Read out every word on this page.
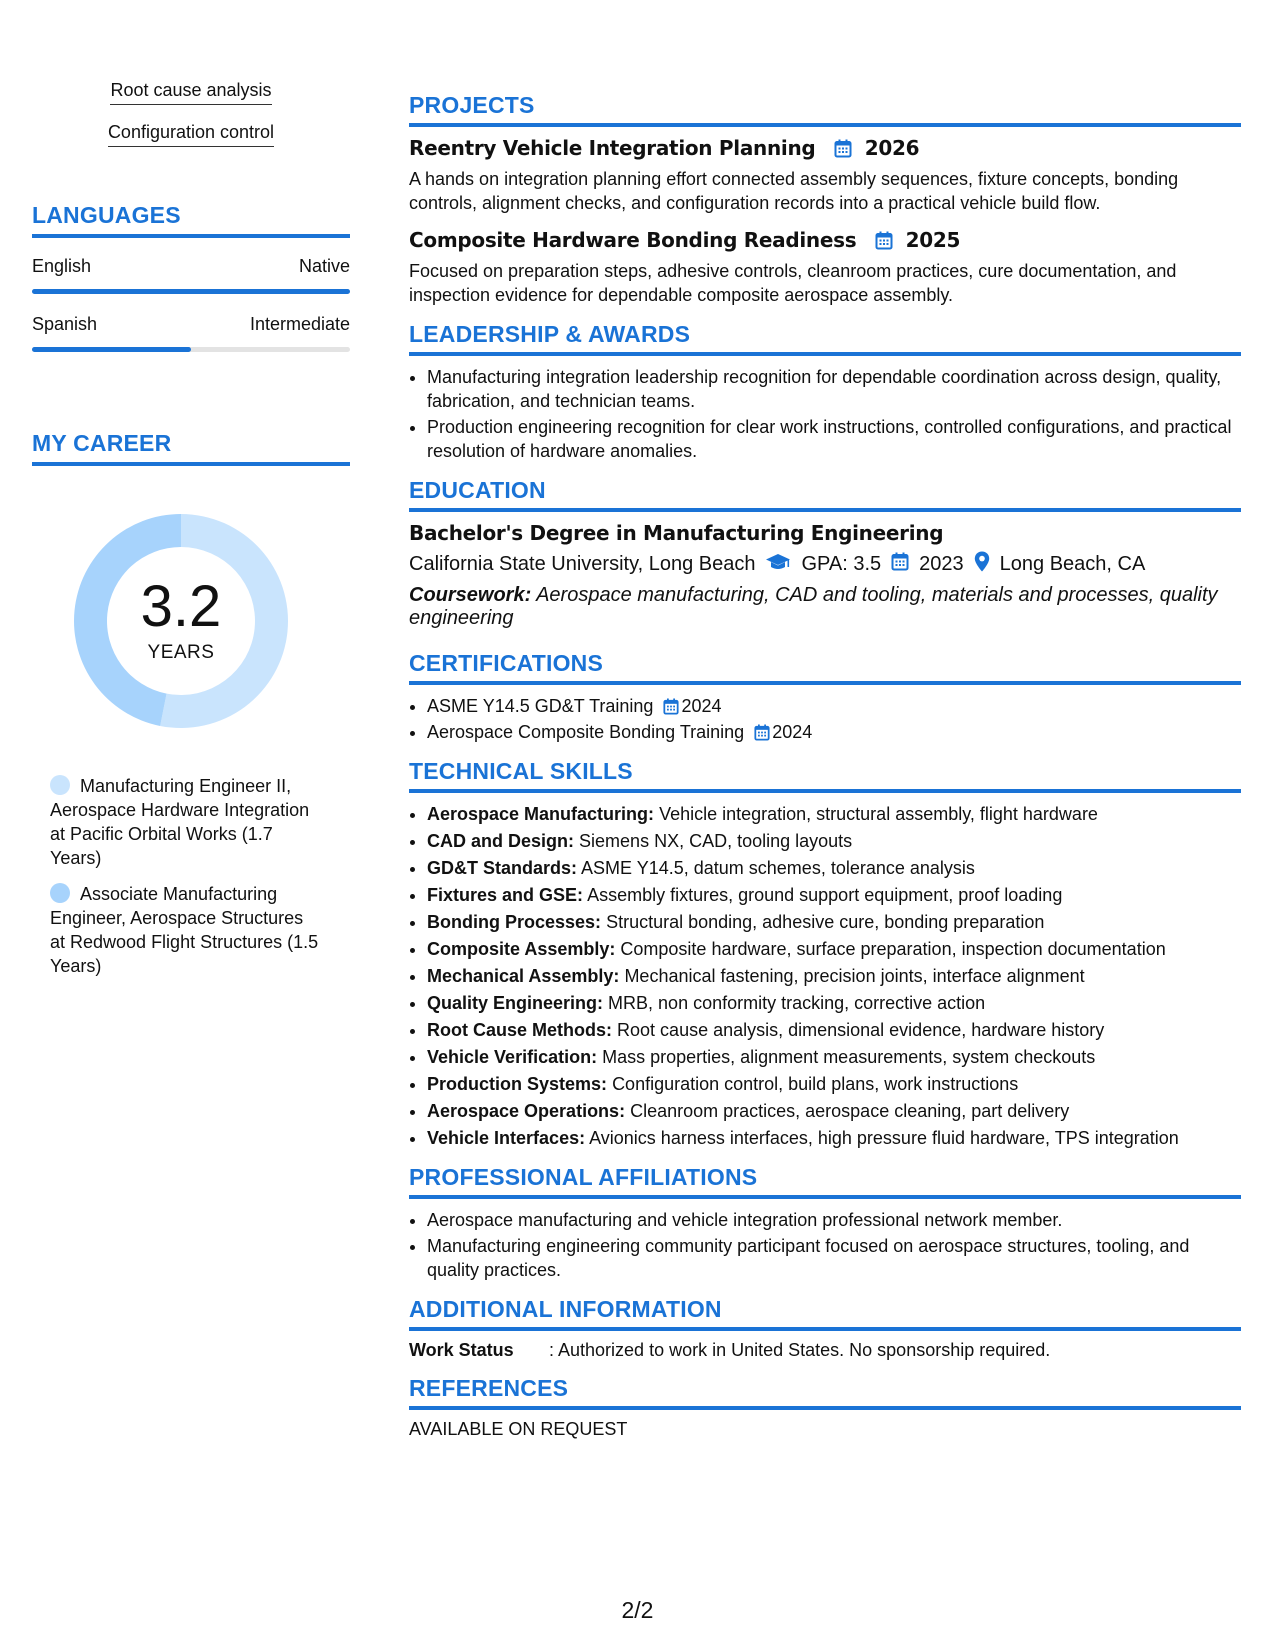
Root cause analysis
Configuration control
LANGUAGES
English	Native
Spanish	Intermediate
MY CAREER
3.2
YEARS
Manufacturing Engineer II, Aerospace Hardware Integration at Pacific Orbital Works (1.7 Years)
Associate Manufacturing Engineer, Aerospace Structures at Redwood Flight Structures (1.5 Years)
PROJECTS
Reentry Vehicle Integration Planning 2026
A hands on integration planning effort connected assembly sequences, fixture concepts, bonding controls, alignment checks, and configuration records into a practical vehicle build flow.
Composite Hardware Bonding Readiness 2025
Focused on preparation steps, adhesive controls, cleanroom practices, cure documentation, and inspection evidence for dependable composite aerospace assembly.
LEADERSHIP & AWARDS
• Manufacturing integration leadership recognition for dependable coordination across design, quality, fabrication, and technician teams.
• Production engineering recognition for clear work instructions, controlled configurations, and practical resolution of hardware anomalies.
EDUCATION
Bachelor's Degree in Manufacturing Engineering
California State University, Long Beach GPA: 3.5 2023 Long Beach, CA
Coursework: Aerospace manufacturing, CAD and tooling, materials and processes, quality engineering
CERTIFICATIONS
• ASME Y14.5 GD&T Training 2024
• Aerospace Composite Bonding Training 2024
TECHNICAL SKILLS
• Aerospace Manufacturing: Vehicle integration, structural assembly, flight hardware
• CAD and Design: Siemens NX, CAD, tooling layouts
• GD&T Standards: ASME Y14.5, datum schemes, tolerance analysis
• Fixtures and GSE: Assembly fixtures, ground support equipment, proof loading
• Bonding Processes: Structural bonding, adhesive cure, bonding preparation
• Composite Assembly: Composite hardware, surface preparation, inspection documentation
• Mechanical Assembly: Mechanical fastening, precision joints, interface alignment
• Quality Engineering: MRB, non conformity tracking, corrective action
• Root Cause Methods: Root cause analysis, dimensional evidence, hardware history
• Vehicle Verification: Mass properties, alignment measurements, system checkouts
• Production Systems: Configuration control, build plans, work instructions
• Aerospace Operations: Cleanroom practices, aerospace cleaning, part delivery
• Vehicle Interfaces: Avionics harness interfaces, high pressure fluid hardware, TPS integration
PROFESSIONAL AFFILIATIONS
• Aerospace manufacturing and vehicle integration professional network member.
• Manufacturing engineering community participant focused on aerospace structures, tooling, and quality practices.
ADDITIONAL INFORMATION
Work Status	: Authorized to work in United States. No sponsorship required.
REFERENCES
AVAILABLE ON REQUEST
2/2
